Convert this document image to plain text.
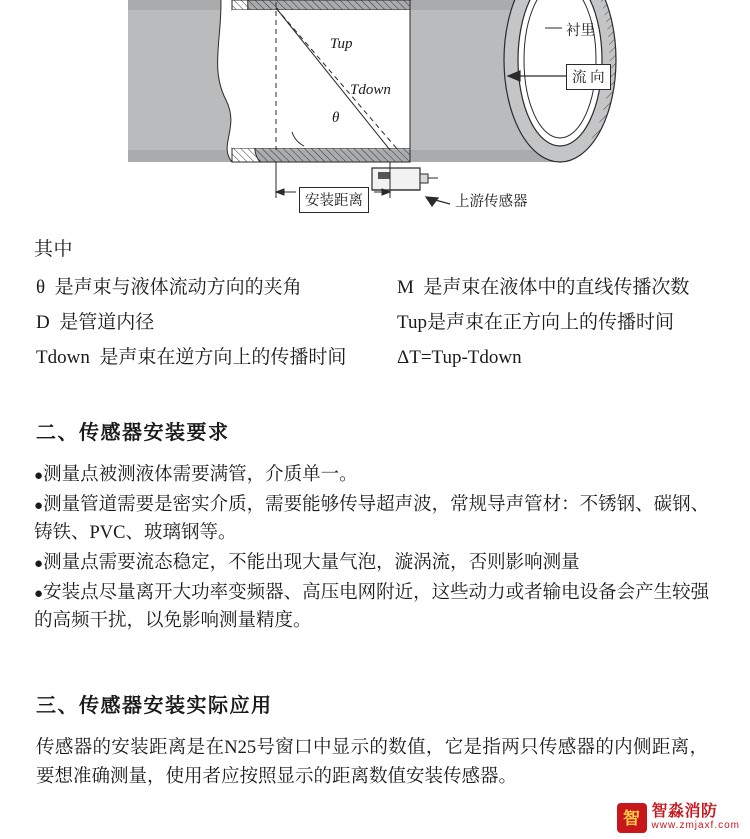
Tup
Tdown
θ
衬里
流 向
安装距离	上游传感器
其中
θ 是声束与液体流动方向的夹角	M 是声束在液体中的直线传播次数
D 是管道内径	Tup是声束在正方向上的传播时间
Tdown 是声束在逆方向上的传播时间	ΔT=Tup-Tdown
二、传感器安装要求
●测量点被测液体需要满管，介质单一。
●测量管道需要是密实介质，需要能够传导超声波，常规导声管材：不锈钢、碳钢、铸铁、PVC、玻璃钢等。
●测量点需要流态稳定，不能出现大量气泡，漩涡流，否则影响测量
●安装点尽量离开大功率变频器、高压电网附近，这些动力或者输电设备会产生较强的高频干扰，以免影响测量精度。
三、传感器安装实际应用

传感器的安装距离是在N25号窗口中显示的数值，它是指两只传感器的内侧距离，要想准确测量，使用者应按照显示的距离数值安装传感器。

智 智淼消防
www.zmjaxf.com
